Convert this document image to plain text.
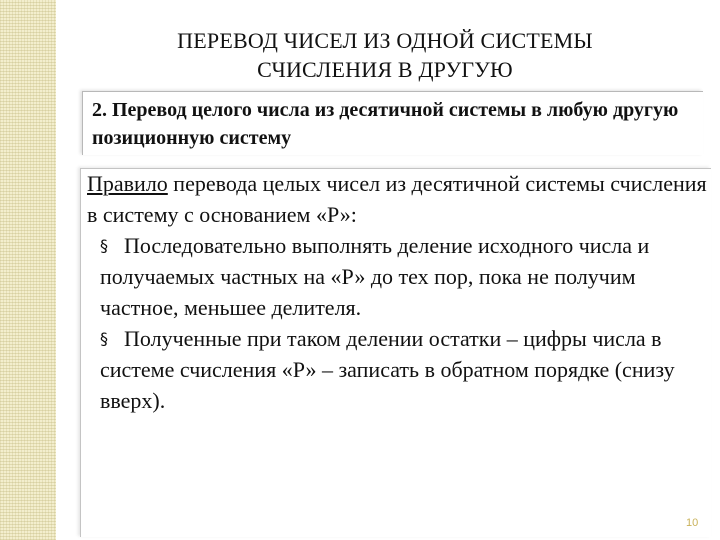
ПЕРЕВОД ЧИСЕЛ ИЗ ОДНОЙ СИСТЕМЫ
СЧИСЛЕНИЯ В ДРУГУЮ

2. Перевод целого числа из десятичной системы в любую другую позиционную систему

Правило перевода целых чисел из десятичной системы счисления в систему с основанием «Р»:

§ Последовательно выполнять деление исходного числа и получаемых частных на «Р» до тех пор, пока не получим частное, меньшее делителя.
§ Полученные при таком делении остатки – цифры числа в системе счисления «Р» – записать в обратном порядке (снизу вверх).
10
